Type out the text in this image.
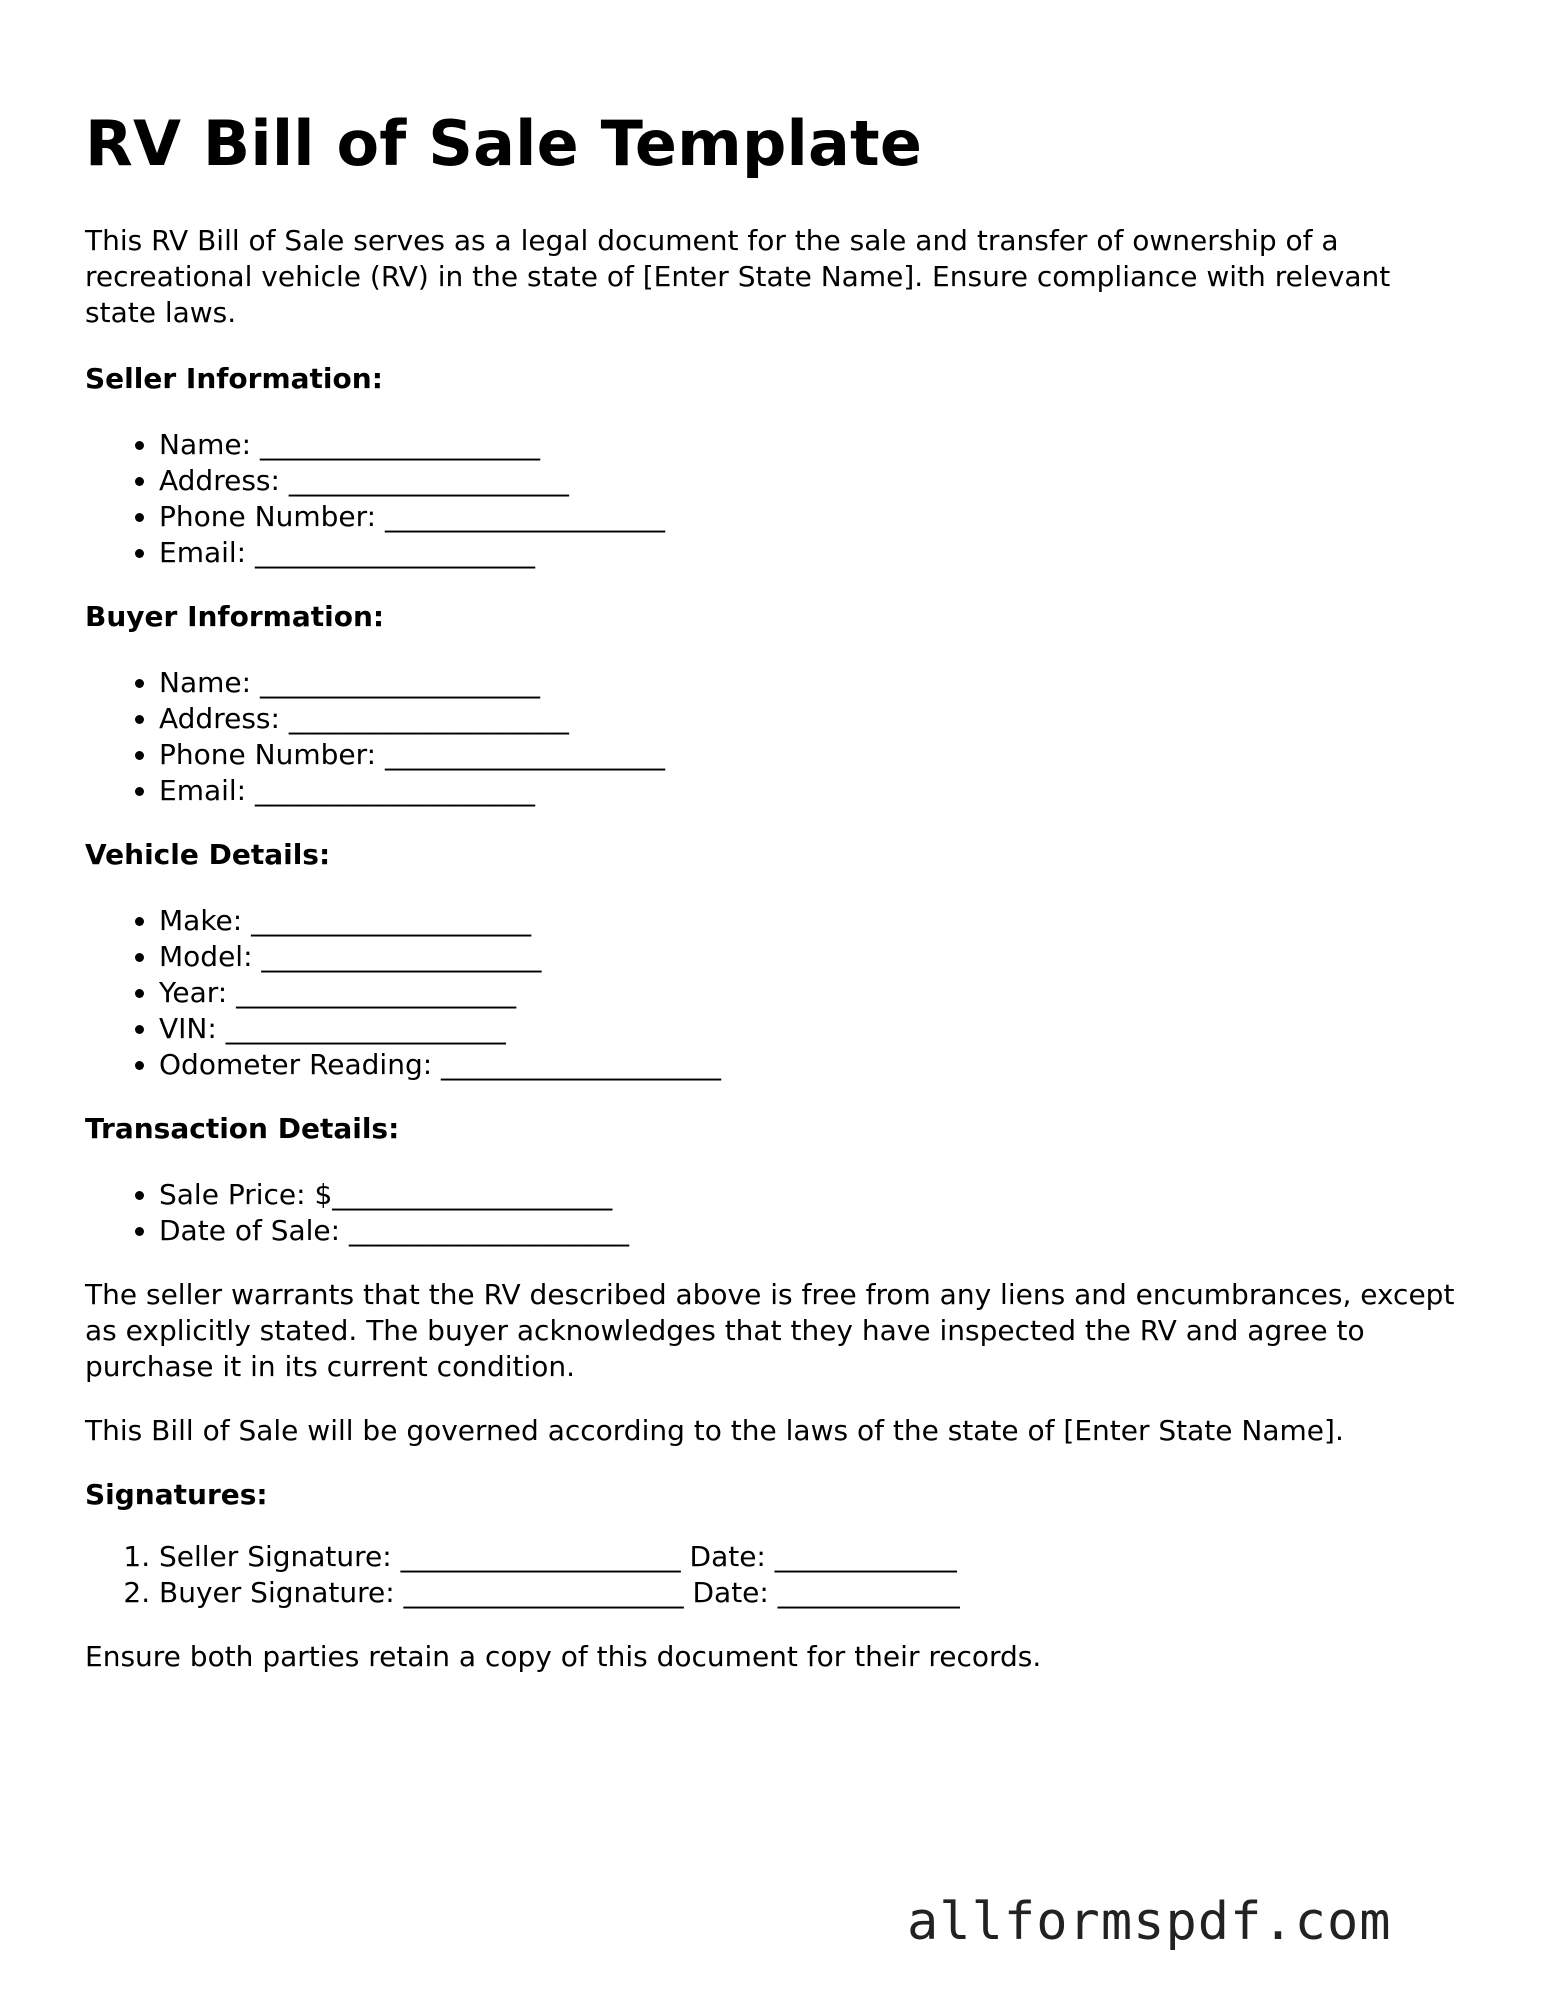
RV Bill of Sale Template

This RV Bill of Sale serves as a legal document for the sale and transfer of ownership of a recreational vehicle (RV) in the state of [Enter State Name]. Ensure compliance with relevant state laws.

Seller Information:
• Name: ____________________
• Address: ____________________
• Phone Number: ____________________
• Email: ____________________
Buyer Information:
• Name: ____________________
• Address: ____________________
• Phone Number: ____________________
• Email: ____________________
Vehicle Details:
• Make: ____________________
• Model: ____________________
• Year: ____________________
• VIN: ____________________
• Odometer Reading: ____________________
Transaction Details:
• Sale Price: $____________________
• Date of Sale: ____________________

The seller warrants that the RV described above is free from any liens and encumbrances, except as explicitly stated. The buyer acknowledges that they have inspected the RV and agree to purchase it in its current condition.

This Bill of Sale will be governed according to the laws of the state of [Enter State Name].

Signatures:
1. Seller Signature: ____________________ Date: _____________
2. Buyer Signature: ____________________ Date: _____________

Ensure both parties retain a copy of this document for their records.

allformspdf.com
